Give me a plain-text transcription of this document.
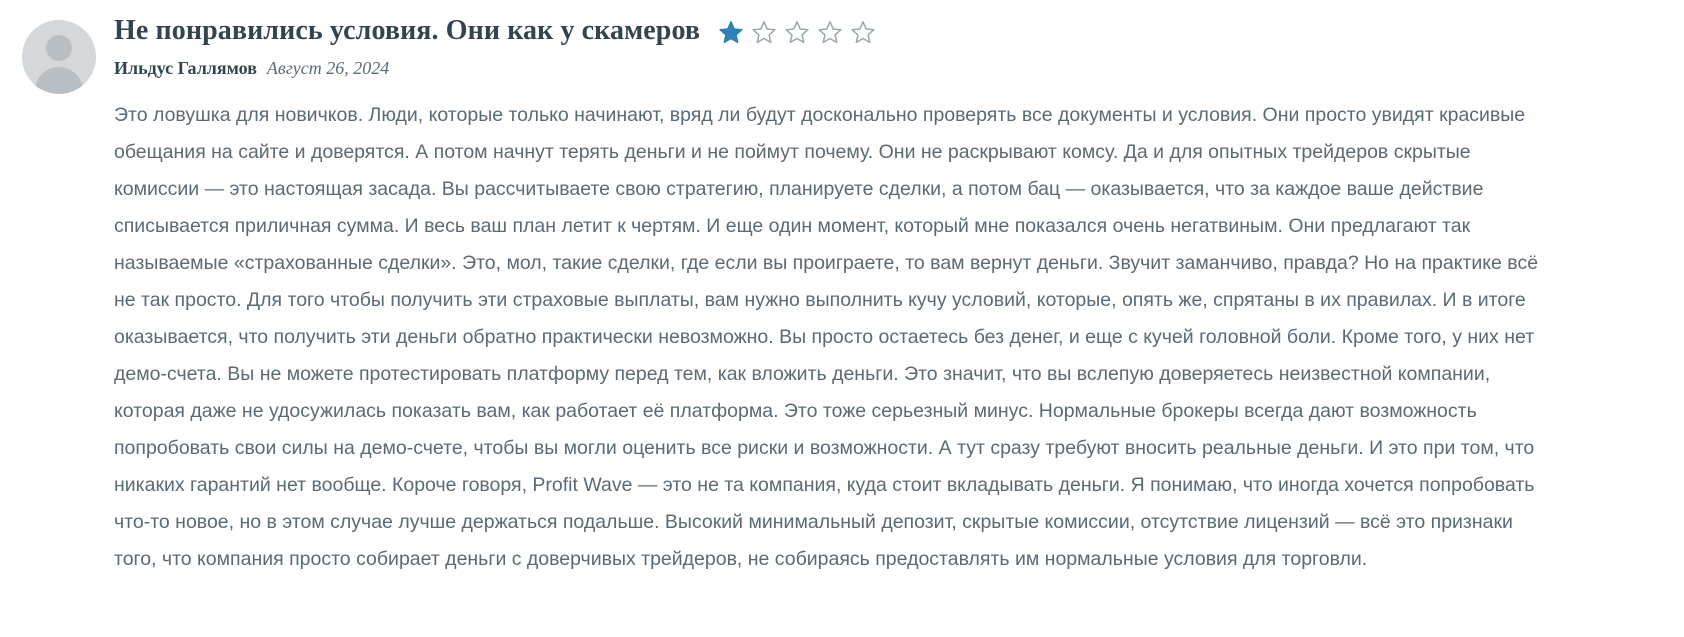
Не понравились условия. Они как у скамеров
Ильдус Галлямов Август 26, 2024
Это ловушка для новичков. Люди, которые только начинают, вряд ли будут досконально проверять все документы и условия. Они просто увидят красивые обещания на сайте и доверятся. А потом начнут терять деньги и не поймут почему. Они не раскрывают комсу. Да и для опытных трейдеров скрытые комиссии — это настоящая засада. Вы рассчитываете свою стратегию, планируете сделки, а потом бац — оказывается, что за каждое ваше действие списывается приличная сумма. И весь ваш план летит к чертям. И еще один момент, который мне показался очень негатвиным. Они предлагают так называемые «страхованные сделки». Это, мол, такие сделки, где если вы проиграете, то вам вернут деньги. Звучит заманчиво, правда? Но на практике всё не так просто. Для того чтобы получить эти страховые выплаты, вам нужно выполнить кучу условий, которые, опять же, спрятаны в их правилах. И в итоге оказывается, что получить эти деньги обратно практически невозможно. Вы просто остаетесь без денег, и еще с кучей головной боли. Кроме того, у них нет демо-счета. Вы не можете протестировать платформу перед тем, как вложить деньги. Это значит, что вы вслепую доверяетесь неизвестной компании, которая даже не удосужилась показать вам, как работает её платформа. Это тоже серьезный минус. Нормальные брокеры всегда дают возможность попробовать свои силы на демо-счете, чтобы вы могли оценить все риски и возможности. А тут сразу требуют вносить реальные деньги. И это при том, что никаких гарантий нет вообще. Короче говоря, Profit Wave — это не та компания, куда стоит вкладывать деньги. Я понимаю, что иногда хочется попробовать что-то новое, но в этом случае лучше держаться подальше. Высокий минимальный депозит, скрытые комиссии, отсутствие лицензий — всё это признаки того, что компания просто собирает деньги с доверчивых трейдеров, не собираясь предоставлять им нормальные условия для торговли.
